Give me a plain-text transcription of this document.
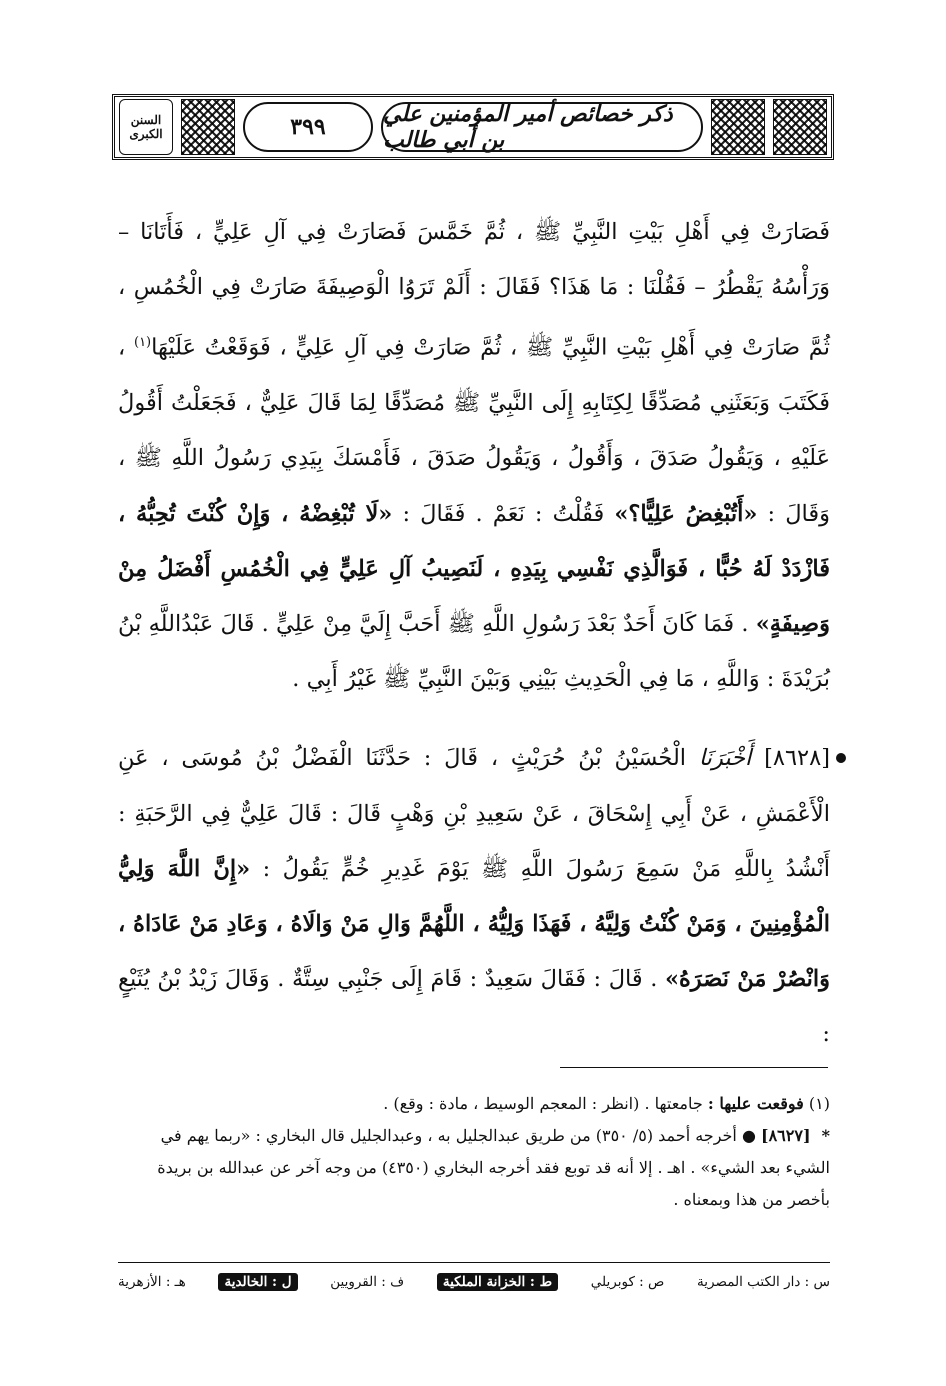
السنن الكبرى	٣٩٩	ذكر خصائص أمير المؤمنين علي بن أبي طالب

فَصَارَتْ فِي أَهْلِ بَيْتِ النَّبِيِّ ﷺ ، ثُمَّ خَمَّسَ فَصَارَتْ فِي آلِ عَلِيٍّ ، فَأَتَانَا – وَرَأْسُهُ يَقْطُرُ – فَقُلْنَا : مَا هَذَا؟ فَقَالَ : أَلَمْ تَرَوُا الْوَصِيفَةَ صَارَتْ فِي الْخُمُسِ ، ثُمَّ صَارَتْ فِي أَهْلِ بَيْتِ النَّبِيِّ ﷺ ، ثُمَّ صَارَتْ فِي آلِ عَلِيٍّ ، فَوَقَعْتُ عَلَيْهَا$^{(١)}$ ، فَكَتَبَ وَبَعَثَنِي مُصَدِّقًا لِكِتَابِهِ إِلَى النَّبِيِّ ﷺ مُصَدِّقًا لِمَا قَالَ عَلِيٌّ ، فَجَعَلْتُ أَقُولُ عَلَيْهِ ، وَيَقُولُ صَدَقَ ، وَأَقُولُ ، وَيَقُولُ صَدَقَ ، فَأَمْسَكَ بِيَدِي رَسُولُ اللَّهِ ﷺ ، وَقَالَ : «أَتُبْغِضُ عَلِيًّا؟» فَقُلْتُ : نَعَمْ . فَقَالَ : «لَا تُبْغِضْهُ ، وَإِنْ كُنْتَ تُحِبُّهُ ، فَازْدَدْ لَهُ حُبًّا ، فَوَالَّذِي نَفْسِي بِيَدِهِ ، لَنَصِيبُ آلِ عَلِيٍّ فِي الْخُمُسِ أَفْضَلُ مِنْ وَصِيفَةٍ» . فَمَا كَانَ أَحَدٌ بَعْدَ رَسُولِ اللَّهِ ﷺ أَحَبَّ إِلَيَّ مِنْ عَلِيٍّ . قَالَ عَبْدُاللَّهِ بْنُ بُرَيْدَةَ : وَاللَّهِ ، مَا فِي الْحَدِيثِ بَيْنِي وَبَيْنَ النَّبِيِّ ﷺ غَيْرُ أَبِي .

[٨٦٢٨] أَخْبَرَنَا الْحُسَيْنُ بْنُ حُرَيْثٍ ، قَالَ : حَدَّثَنَا الْفَضْلُ بْنُ مُوسَى ، عَنِ الْأَعْمَشِ ، عَنْ أَبِي إِسْحَاقَ ، عَنْ سَعِيدِ بْنِ وَهْبٍ قَالَ : قَالَ عَلِيٌّ فِي الرَّحَبَةِ : أَنْشُدُ بِاللَّهِ مَنْ سَمِعَ رَسُولَ اللَّهِ ﷺ يَوْمَ غَدِيرِ خُمٍّ يَقُولُ : «إِنَّ اللَّهَ وَلِيُّ الْمُؤْمِنِينَ ، وَمَنْ كُنْتُ وَلِيَّهُ ، فَهَذَا وَلِيُّهُ ، اللَّهُمَّ وَالِ مَنْ وَالَاهُ ، وَعَادِ مَنْ عَادَاهُ ، وَانْصُرْ مَنْ نَصَرَهُ» . قَالَ : فَقَالَ سَعِيدٌ : قَامَ إِلَى جَنْبِي سِتَّةٌ . وَقَالَ زَيْدُ بْنُ يُثَيْعٍ :

(١) فوقعت عليها : جامعتها . (انظر : المعجم الوسيط ، مادة : وقع) .

* [٨٦٢٧] ● أخرجه أحمد (٥/ ٣٥٠) من طريق عبدالجليل به ، وعبدالجليل قال البخاري : «ربما يهم في الشيء بعد الشيء» . اهـ . إلا أنه قد توبع فقد أخرجه البخاري (٤٣٥٠) من وجه آخر عن عبدالله بن بريدة بأخصر من هذا وبمعناه .

س : دار الكتب المصرية
ص : كوبريلي
ط : الخزانة الملكية
ف : القرويين
ل : الخالدية
هـ : الأزهرية
